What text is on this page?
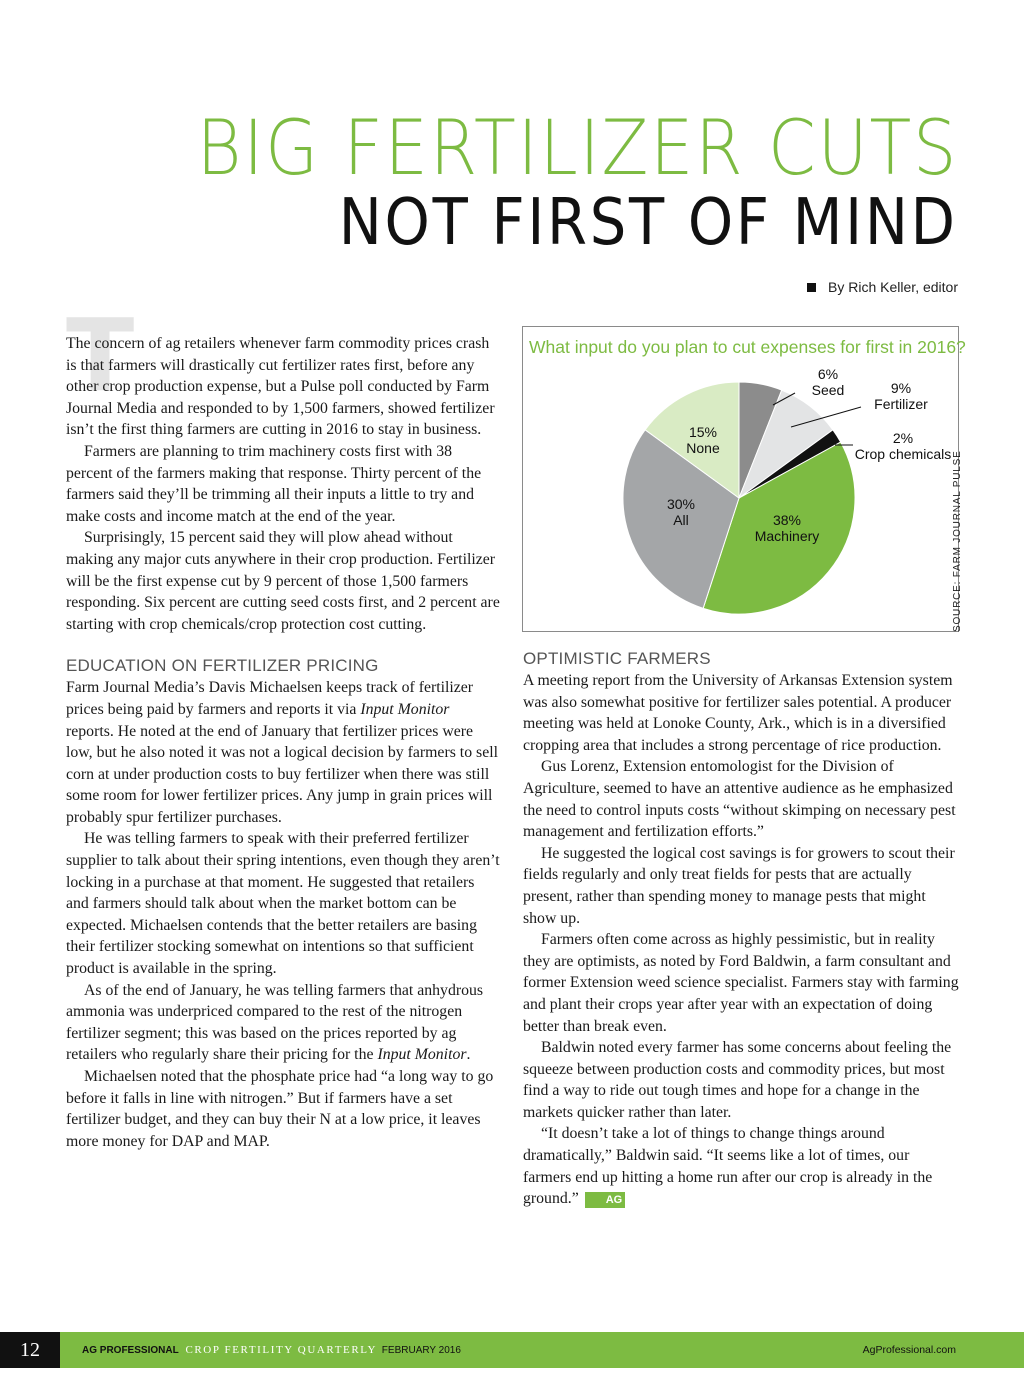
BIG FERTILIZER CUTS
NOT FIRST OF MIND
By Rich Keller, editor
T

The concern of ag retailers whenever farm commodity prices crash is that farmers will drastically cut fertilizer rates first, before any other crop production expense, but a Pulse poll conducted by Farm Journal Media and responded to by 1,500 farmers, showed fertilizer isn’t the first thing farmers are cutting in 2016 to stay in business.

Farmers are planning to trim machinery costs first with 38 percent of the farmers making that response. Thirty percent of the farmers said they’ll be trimming all their inputs a little to try and make costs and income match at the end of the year.

Surprisingly, 15 percent said they will plow ahead without making any major cuts anywhere in their crop production. Fertilizer will be the first expense cut by 9 percent of those 1,500 farmers responding. Six percent are cutting seed costs first, and 2 percent are starting with crop chemicals/crop protection cost cutting.

EDUCATION ON FERTILIZER PRICING

Farm Journal Media’s Davis Michaelsen keeps track of fertilizer prices being paid by farmers and reports it via Input Monitor reports. He noted at the end of January that fertilizer prices were low, but he also noted it was not a logical decision by farmers to sell corn at under production costs to buy fertilizer when there was still some room for lower fertilizer prices. Any jump in grain prices will probably spur fertilizer purchases.

He was telling farmers to speak with their preferred fertilizer supplier to talk about their spring intentions, even though they aren’t locking in a purchase at that moment. He suggested that retailers and farmers should talk about when the market bottom can be expected. Michaelsen contends that the better retailers are basing their fertilizer stocking somewhat on intentions so that sufficient product is available in the spring.

As of the end of January, he was telling farmers that anhydrous ammonia was underpriced compared to the rest of the nitrogen fertilizer segment; this was based on the prices reported by ag retailers who regularly share their pricing for the Input Monitor.

Michaelsen noted that the phosphate price had “a long way to go before it falls in line with nitrogen.” But if farmers have a set fertilizer budget, and they can buy their N at a low price, it leaves more money for DAP and MAP.

What input do you plan to cut expenses for first in 2016?
6%
Seed	9%
Fertilizer
2%
Crop chemicals
38%
Machinery
30%
All
15%
None
SOURCE: FARM JOURNAL PULSE
OPTIMISTIC FARMERS

A meeting report from the University of Arkansas Extension system was also somewhat positive for fertilizer sales potential. A producer meeting was held at Lonoke County, Ark., which is in a diversified cropping area that includes a strong percentage of rice production.

Gus Lorenz, Extension entomologist for the Division of Agriculture, seemed to have an attentive audience as he emphasized the need to control inputs costs “without skimping on necessary pest management and fertilization efforts.”

He suggested the logical cost savings is for growers to scout their fields regularly and only treat fields for pests that are actually present, rather than spending money to manage pests that might show up.

Farmers often come across as highly pessimistic, but in reality they are optimists, as noted by Ford Baldwin, a farm consultant and former Extension weed science specialist. Farmers stay with farming and plant their crops year after year with an expectation of doing better than break even.

Baldwin noted every farmer has some concerns about feeling the squeeze between production costs and commodity prices, but most find a way to ride out tough times and hope for a change in the markets quicker rather than later.

“It doesn’t take a lot of things to change things around dramatically,” Baldwin said. “It seems like a lot of times, our farmers end up hitting a home run after our crop is already in the ground.” AG

12	AG PROFESSIONAL CROP FERTILITY QUARTERLY FEBRUARY 2016	AgProfessional.com
